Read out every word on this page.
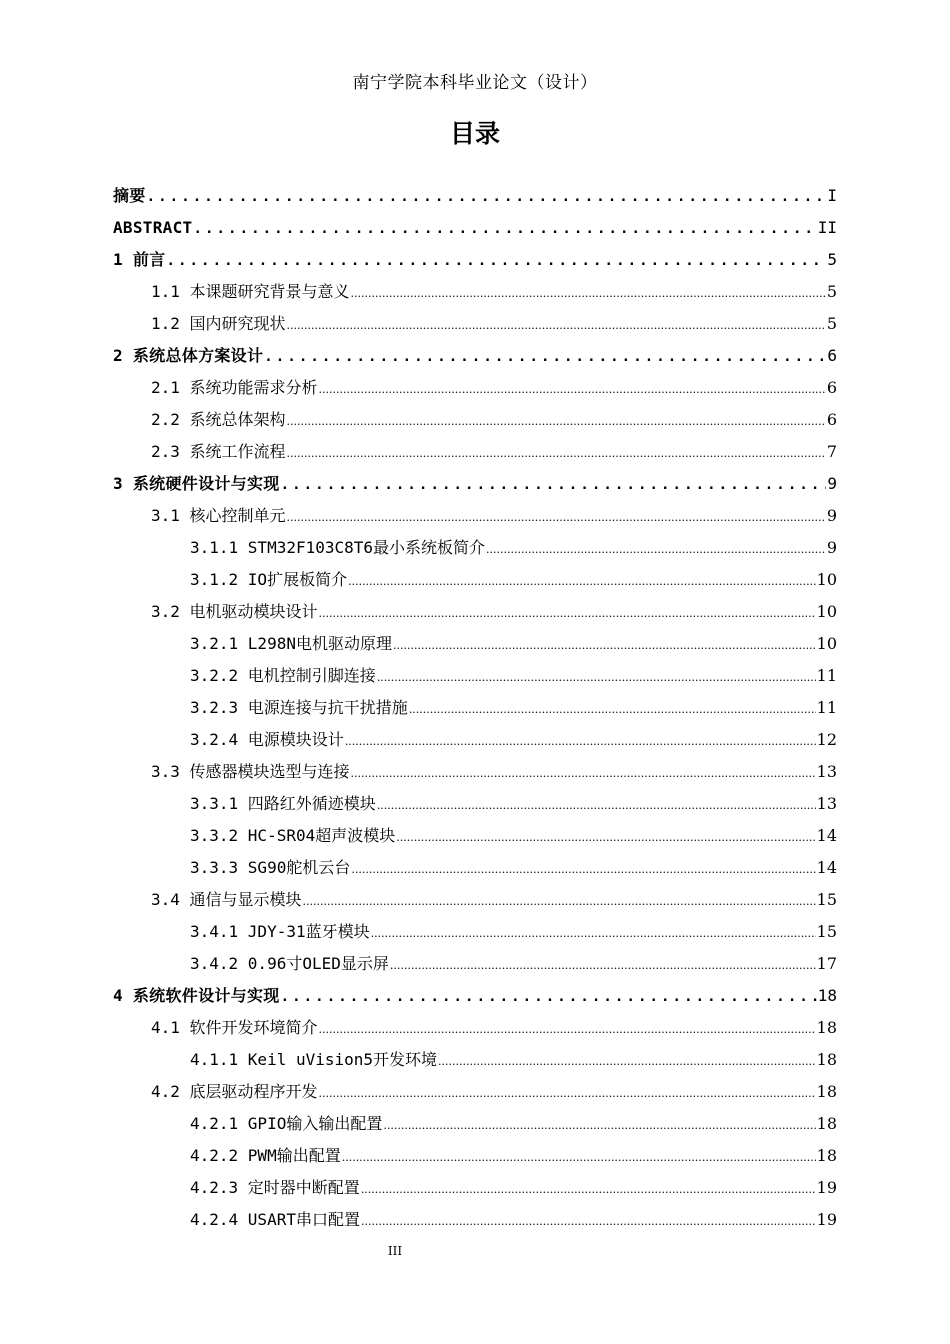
南宁学院本科毕业论文（设计）
目录
摘要 .....	I
ABSTRACT .....	II
1 前言 .....	5
1.1 本课题研究背景与意义 .....	5
1.2 国内研究现状 .....	5
2 系统总体方案设计 .....	6
2.1 系统功能需求分析 .....	6
2.2 系统总体架构 .....	6
2.3 系统工作流程 .....	7
3 系统硬件设计与实现 .....	9
3.1 核心控制单元 .....	9
3.1.1 STM32F103C8T6最小系统板简介 .....	9
3.1.2 IO扩展板简介 .....	10
3.2 电机驱动模块设计 .....	10
3.2.1 L298N电机驱动原理 .....	10
3.2.2 电机控制引脚连接 .....	11
3.2.3 电源连接与抗干扰措施 .....	11
3.2.4 电源模块设计 .....	12
3.3 传感器模块选型与连接 .....	13
3.3.1 四路红外循迹模块 .....	13
3.3.2 HC-SR04超声波模块 .....	14
3.3.3 SG90舵机云台 .....	14
3.4 通信与显示模块 .....	15
3.4.1 JDY-31蓝牙模块 .....	15
3.4.2 0.96寸OLED显示屏 .....	17
4 系统软件设计与实现 .....	18
4.1 软件开发环境简介 .....	18
4.1.1 Keil uVision5开发环境 .....	18
4.2 底层驱动程序开发 .....	18
4.2.1 GPIO输入输出配置 .....	18
4.2.2 PWM输出配置 .....	18
4.2.3 定时器中断配置 .....	19
4.2.4 USART串口配置 .....	19
III
